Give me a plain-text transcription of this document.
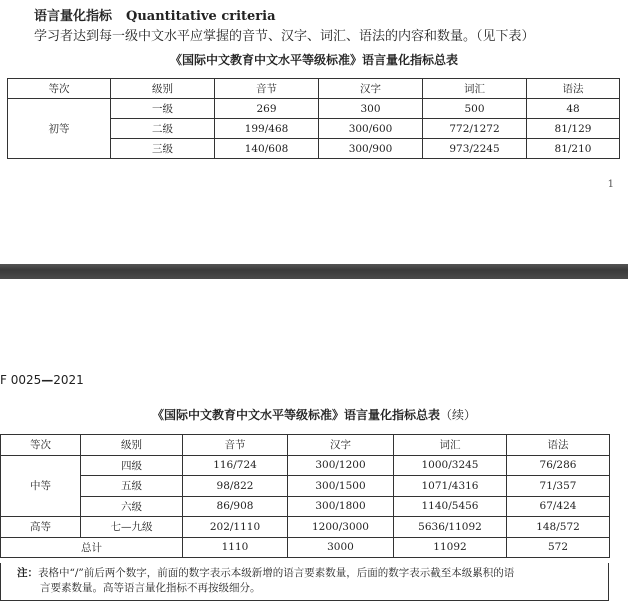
语言量化指标 Quantitative criteria
学习者达到每一级中文水平应掌握的音节、汉字、词汇、语法的内容和数量。（见下表）
《国际中文教育中文水平等级标准》语言量化指标总表
等次	级别	音节	汉字	词汇	语法
初等	一级	269	300	500	48
	二级	199/468	300/600	772/1272	81/129
	三级	140/608	300/900	973/2245	81/210
1
F 0025—2021
《国际中文教育中文水平等级标准》语言量化指标总表（续）
等次	级别	音节	汉字	词汇	语法
中等	四级	116/724	300/1200	1000/3245	76/286
	五级	98/822	300/1500	1071/4316	71/357
	六级	86/908	300/1800	1140/5456	67/424
高等	七—九级	202/1110	1200/3000	5636/11092	148/572
总计		1110	3000	11092	572
注：表格中“/”前后两个数字，前面的数字表示本级新增的语言要素数量，后面的数字表示截至本级累积的语
言要素数量。高等语言量化指标不再按级细分。
